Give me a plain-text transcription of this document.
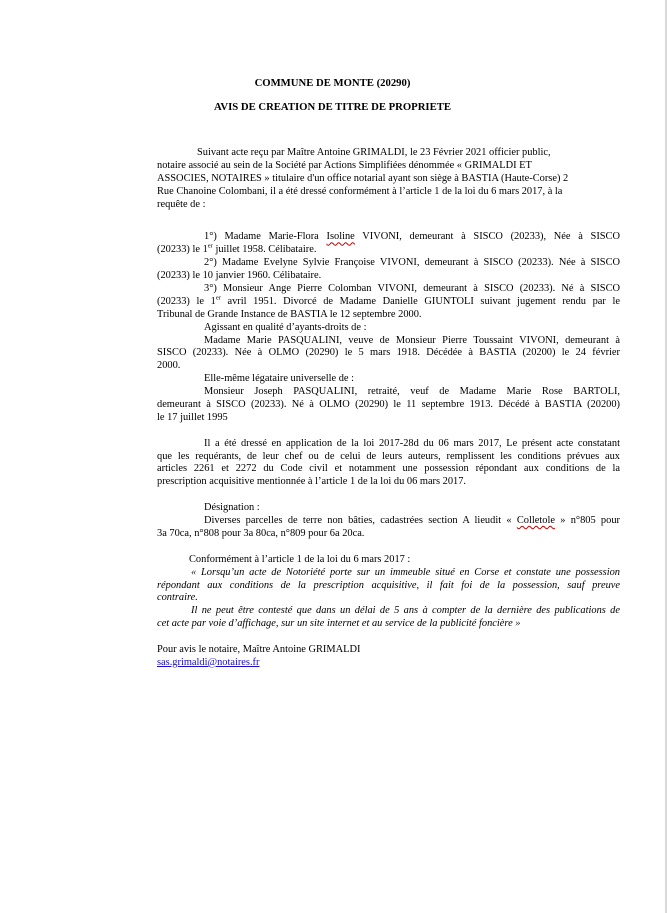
COMMUNE DE MONTE (20290)
AVIS DE CREATION DE TITRE DE PROPRIETE
Suivant acte reçu par Maître Antoine GRIMALDI, le 23 Février 2021 officier public,
notaire associé au sein de la Société par Actions Simplifiées dénommée « GRIMALDI ET
ASSOCIES, NOTAIRES » titulaire d'un office notarial ayant son siège à BASTIA (Haute-Corse) 2
Rue Chanoine Colombani, il a été dressé conformément à l’article 1 de la loi du 6 mars 2017, à la
requête de :
1°) Madame Marie-Flora Isoline VIVONI, demeurant à SISCO (20233), Née à SISCO
(20233) le 1er juillet 1958. Célibataire.
2°) Madame Evelyne Sylvie Françoise VIVONI, demeurant à SISCO (20233). Née à SISCO
(20233) le 10 janvier 1960. Célibataire.
3°) Monsieur Ange Pierre Colomban VIVONI, demeurant à SISCO (20233). Né à SISCO
(20233) le 1er avril 1951. Divorcé de Madame Danielle GIUNTOLI suivant jugement rendu par le
Tribunal de Grande Instance de BASTIA le 12 septembre 2000.
Agissant en qualité d’ayants-droits de :
Madame Marie PASQUALINI, veuve de Monsieur Pierre Toussaint VIVONI, demeurant à
SISCO (20233). Née à OLMO (20290) le 5 mars 1918. Décédée à BASTIA (20200) le 24 février
2000.
Elle-même légataire universelle de :
Monsieur Joseph PASQUALINI, retraité, veuf de Madame Marie Rose BARTOLI,
demeurant à SISCO (20233). Né à OLMO (20290) le 11 septembre 1913. Décédé à BASTIA (20200)
le 17 juillet 1995
Il a été dressé en application de la loi 2017-28d du 06 mars 2017, Le présent acte constatant
que les requérants, de leur chef ou de celui de leurs auteurs, remplissent les conditions prévues aux
articles 2261 et 2272 du Code civil et notamment une possession répondant aux conditions de la
prescription acquisitive mentionnée à l’article 1 de la loi du 06 mars 2017.
Désignation :
Diverses parcelles de terre non bâties, cadastrées section A lieudit « Colletole » n°805 pour
3a 70ca, n°808 pour 3a 80ca, n°809 pour 6a 20ca.
Conformément à l’article 1 de la loi du 6 mars 2017 :
« Lorsqu’un acte de Notoriété porte sur un immeuble situé en Corse et constate une possession
répondant aux conditions de la prescription acquisitive, il fait foi de la possession, sauf preuve
contraire.
Il ne peut être contesté que dans un délai de 5 ans à compter de la dernière des publications de
cet acte par voie d’affichage, sur un site internet et au service de la publicité foncière »
Pour avis le notaire, Maître Antoine GRIMALDI
sas.grimaldi@notaires.fr
